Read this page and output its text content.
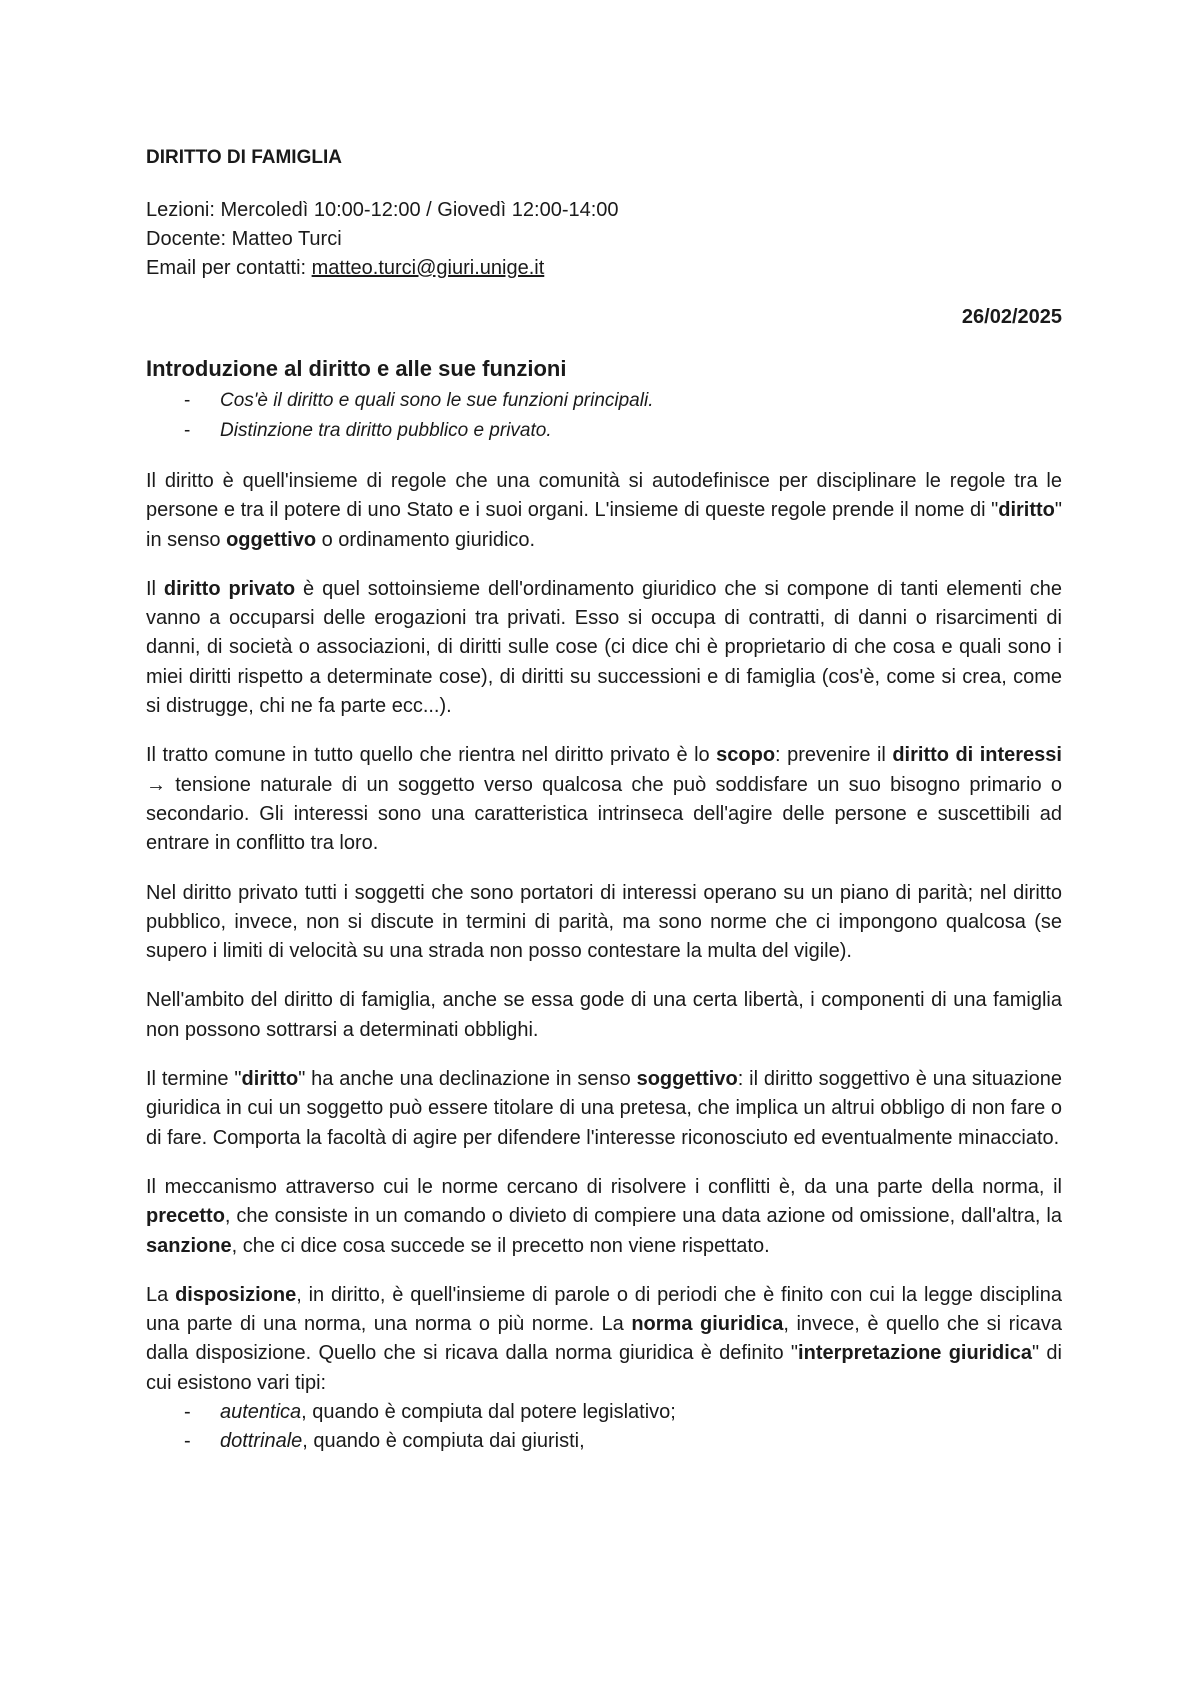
DIRITTO DI FAMIGLIA
Lezioni: Mercoledì 10:00-12:00 / Giovedì 12:00-14:00
Docente: Matteo Turci
Email per contatti: matteo.turci@giuri.unige.it
26/02/2025
Introduzione al diritto e alle sue funzioni
- Cos'è il diritto e quali sono le sue funzioni principali.
- Distinzione tra diritto pubblico e privato.

Il diritto è quell'insieme di regole che una comunità si autodefinisce per disciplinare le regole tra le persone e tra il potere di uno Stato e i suoi organi. L'insieme di queste regole prende il nome di "diritto" in senso oggettivo o ordinamento giuridico.

Il diritto privato è quel sottoinsieme dell'ordinamento giuridico che si compone di tanti elementi che vanno a occuparsi delle erogazioni tra privati. Esso si occupa di contratti, di danni o risarcimenti di danni, di società o associazioni, di diritti sulle cose (ci dice chi è proprietario di che cosa e quali sono i miei diritti rispetto a determinate cose), di diritti su successioni e di famiglia (cos'è, come si crea, come si distrugge, chi ne fa parte ecc...).

Il tratto comune in tutto quello che rientra nel diritto privato è lo scopo: prevenire il diritto di interessi → tensione naturale di un soggetto verso qualcosa che può soddisfare un suo bisogno primario o secondario. Gli interessi sono una caratteristica intrinseca dell'agire delle persone e suscettibili ad entrare in conflitto tra loro.

Nel diritto privato tutti i soggetti che sono portatori di interessi operano su un piano di parità; nel diritto pubblico, invece, non si discute in termini di parità, ma sono norme che ci impongono qualcosa (se supero i limiti di velocità su una strada non posso contestare la multa del vigile).

Nell'ambito del diritto di famiglia, anche se essa gode di una certa libertà, i componenti di una famiglia non possono sottrarsi a determinati obblighi.

Il termine "diritto" ha anche una declinazione in senso soggettivo: il diritto soggettivo è una situazione giuridica in cui un soggetto può essere titolare di una pretesa, che implica un altrui obbligo di non fare o di fare. Comporta la facoltà di agire per difendere l'interesse riconosciuto ed eventualmente minacciato.

Il meccanismo attraverso cui le norme cercano di risolvere i conflitti è, da una parte della norma, il precetto, che consiste in un comando o divieto di compiere una data azione od omissione, dall'altra, la sanzione, che ci dice cosa succede se il precetto non viene rispettato.

La disposizione, in diritto, è quell'insieme di parole o di periodi che è finito con cui la legge disciplina una parte di una norma, una norma o più norme. La norma giuridica, invece, è quello che si ricava dalla disposizione. Quello che si ricava dalla norma giuridica è definito "interpretazione giuridica" di cui esistono vari tipi:

- autentica, quando è compiuta dal potere legislativo;
- dottrinale, quando è compiuta dai giuristi,
